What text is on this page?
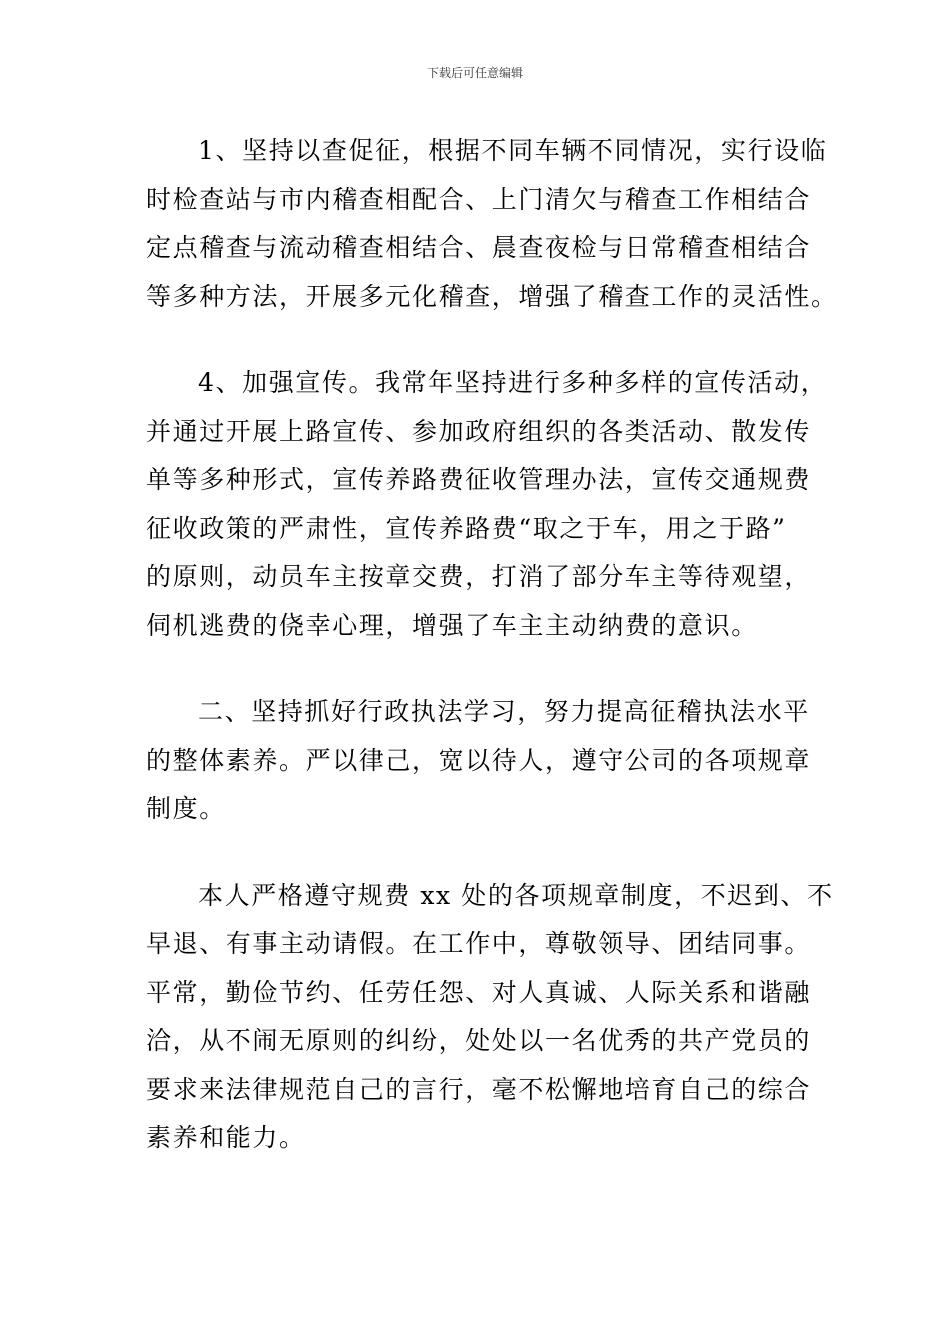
下载后可任意编辑

1、坚持以查促征，根据不同车辆不同情况，实行设临
时检查站与市内稽查相配合、上门清欠与稽查工作相结合
定点稽查与流动稽查相结合、晨查夜检与日常稽查相结合
等多种方法，开展多元化稽查，增强了稽查工作的灵活性。

4、加强宣传。我常年坚持进行多种多样的宣传活动，
并通过开展上路宣传、参加政府组织的各类活动、散发传
单等多种形式，宣传养路费征收管理办法，宣传交通规费
征收政策的严肃性，宣传养路费“取之于车，用之于路”
的原则，动员车主按章交费，打消了部分车主等待观望，
伺机逃费的侥幸心理，增强了车主主动纳费的意识。

二、坚持抓好行政执法学习，努力提高征稽执法水平
的整体素养。严以律己，宽以待人，遵守公司的各项规章
制度。

本人严格遵守规费 xx 处的各项规章制度，不迟到、不
早退、有事主动请假。在工作中，尊敬领导、团结同事。
平常，勤俭节约、任劳任怨、对人真诚、人际关系和谐融
洽，从不闹无原则的纠纷，处处以一名优秀的共产党员的
要求来法律规范自己的言行，毫不松懈地培育自己的综合
素养和能力。
